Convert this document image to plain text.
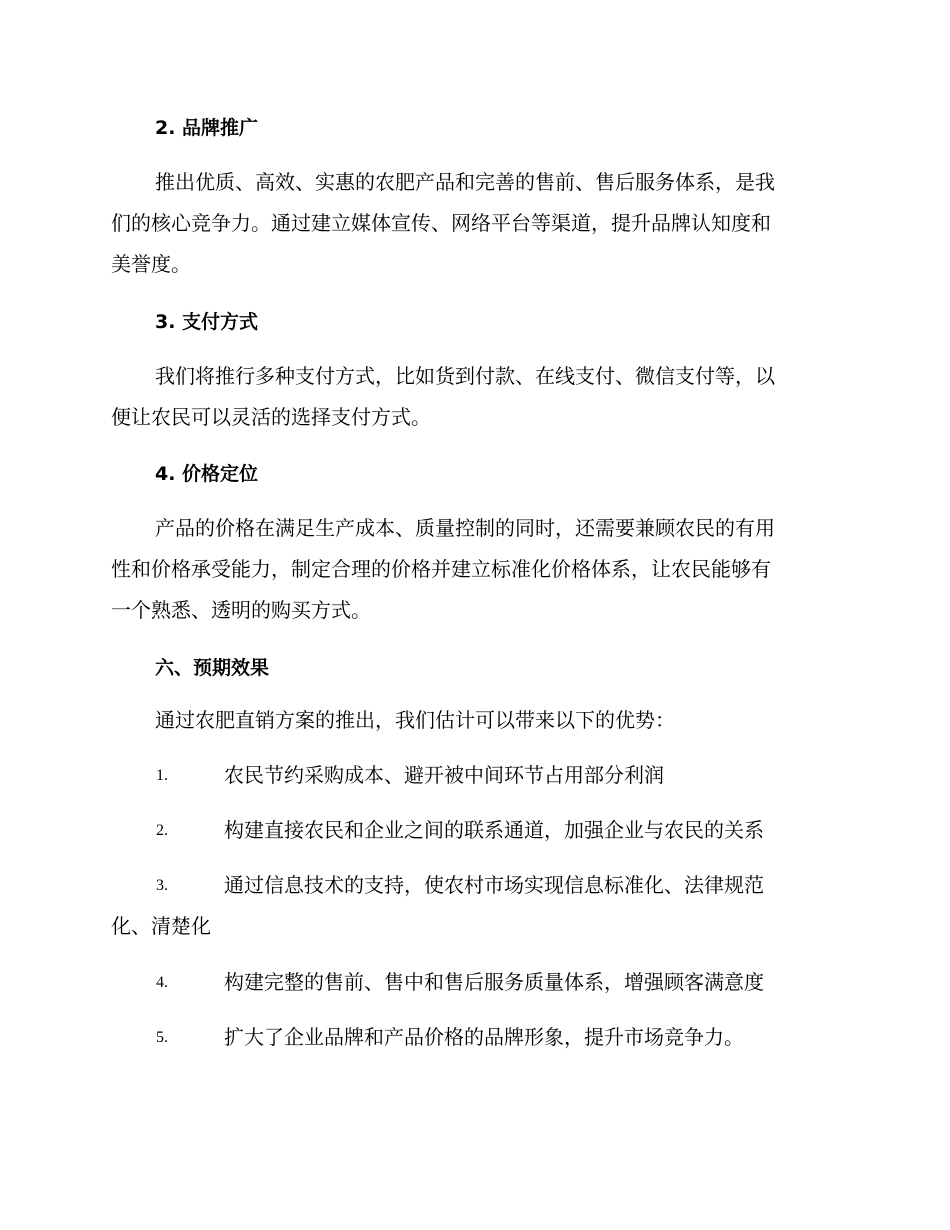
2. 品牌推广
推出优质、高效、实惠的农肥产品和完善的售前、售后服务体系，是我
们的核心竞争力。通过建立媒体宣传、网络平台等渠道，提升品牌认知度和
美誉度。
3. 支付方式
我们将推行多种支付方式，比如货到付款、在线支付、微信支付等，以
便让农民可以灵活的选择支付方式。
4. 价格定位
产品的价格在满足生产成本、质量控制的同时，还需要兼顾农民的有用
性和价格承受能力，制定合理的价格并建立标准化价格体系，让农民能够有
一个熟悉、透明的购买方式。
六、预期效果
通过农肥直销方案的推出，我们估计可以带来以下的优势：
1.	农民节约采购成本、避开被中间环节占用部分利润
2.	构建直接农民和企业之间的联系通道，加强企业与农民的关系
3.	通过信息技术的支持，使农村市场实现信息标准化、法律规范
化、清楚化
4.	构建完整的售前、售中和售后服务质量体系，增强顾客满意度
5.	扩大了企业品牌和产品价格的品牌形象，提升市场竞争力。
